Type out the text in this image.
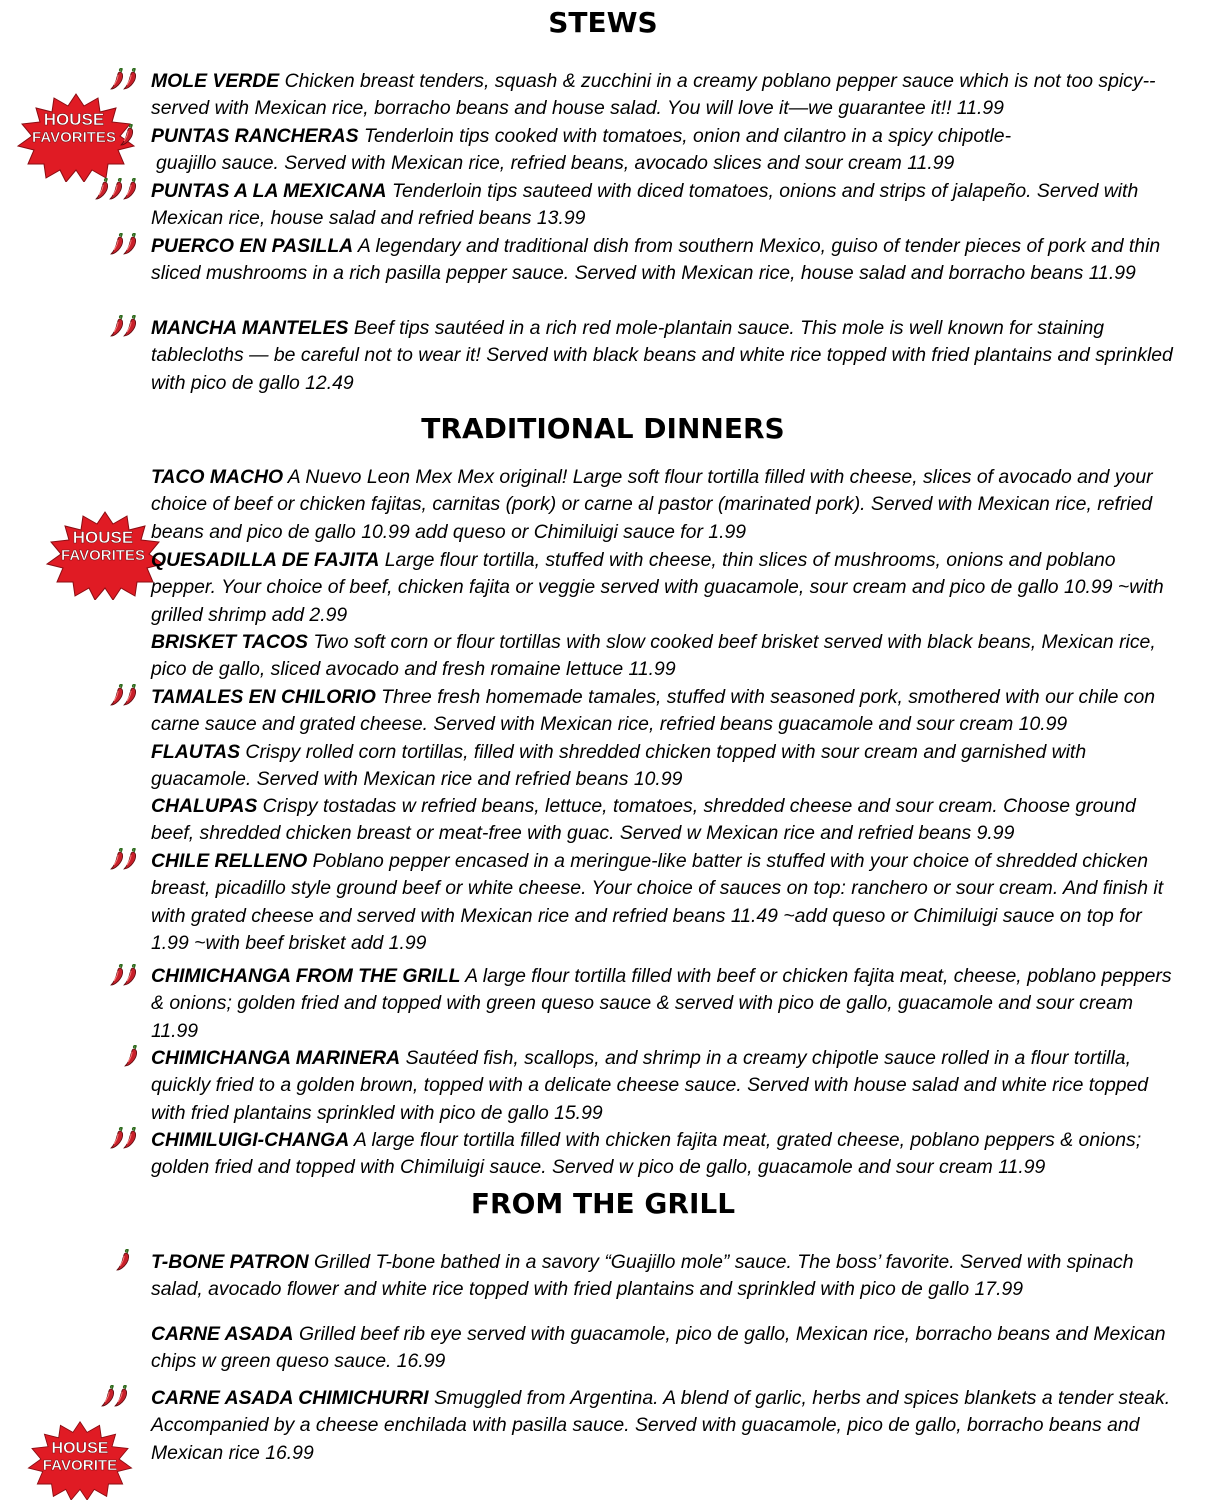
STEWS
TRADITIONAL DINNERS
FROM THE GRILL
HOUSE
FAVORITES
HOUSE
FAVORITES
HOUSE
FAVORITE
MOLE VERDE Chicken breast tenders, squash & zucchini in a creamy poblano pepper sauce which is not too spicy-- served with Mexican rice, borracho beans and house salad. You will love it—we guarantee it!! 11.99
PUNTAS RANCHERAS Tenderloin tips cooked with tomatoes, onion and cilantro in a spicy chipotle-
guajillo sauce. Served with Mexican rice, refried beans, avocado slices and sour cream 11.99
PUNTAS A LA MEXICANA Tenderloin tips sauteed with diced tomatoes, onions and strips of jalapeño. Served with Mexican rice, house salad and refried beans 13.99
PUERCO EN PASILLA A legendary and traditional dish from southern Mexico, guiso of tender pieces of pork and thin sliced mushrooms in a rich pasilla pepper sauce. Served with Mexican rice, house salad and borracho beans 11.99
MANCHA MANTELES Beef tips sautéed in a rich red mole-plantain sauce. This mole is well known for staining tablecloths — be careful not to wear it! Served with black beans and white rice topped with fried plantains and sprinkled with pico de gallo 12.49
TACO MACHO A Nuevo Leon Mex Mex original! Large soft flour tortilla filled with cheese, slices of avocado and your choice of beef or chicken fajitas, carnitas (pork) or carne al pastor (marinated pork). Served with Mexican rice, refried beans and pico de gallo 10.99 add queso or Chimiluigi sauce for 1.99
QUESADILLA DE FAJITA Large flour tortilla, stuffed with cheese, thin slices of mushrooms, onions and poblano pepper. Your choice of beef, chicken fajita or veggie served with guacamole, sour cream and pico de gallo 10.99 ~with grilled shrimp add 2.99
BRISKET TACOS Two soft corn or flour tortillas with slow cooked beef brisket served with black beans, Mexican rice, pico de gallo, sliced avocado and fresh romaine lettuce 11.99
TAMALES EN CHILORIO Three fresh homemade tamales, stuffed with seasoned pork, smothered with our chile con carne sauce and grated cheese. Served with Mexican rice, refried beans guacamole and sour cream 10.99
FLAUTAS Crispy rolled corn tortillas, filled with shredded chicken topped with sour cream and garnished with guacamole. Served with Mexican rice and refried beans 10.99
CHALUPAS Crispy tostadas w refried beans, lettuce, tomatoes, shredded cheese and sour cream. Choose ground beef, shredded chicken breast or meat-free with guac. Served w Mexican rice and refried beans 9.99
CHILE RELLENO Poblano pepper encased in a meringue-like batter is stuffed with your choice of shredded chicken breast, picadillo style ground beef or white cheese. Your choice of sauces on top: ranchero or sour cream. And finish it with grated cheese and served with Mexican rice and refried beans 11.49 ~add queso or Chimiluigi sauce on top for 1.99 ~with beef brisket add 1.99
CHIMICHANGA FROM THE GRILL A large flour tortilla filled with beef or chicken fajita meat, cheese, poblano peppers & onions; golden fried and topped with green queso sauce & served with pico de gallo, guacamole and sour cream 11.99
CHIMICHANGA MARINERA Sautéed fish, scallops, and shrimp in a creamy chipotle sauce rolled in a flour tortilla, quickly fried to a golden brown, topped with a delicate cheese sauce. Served with house salad and white rice topped with fried plantains sprinkled with pico de gallo 15.99
CHIMILUIGI-CHANGA A large flour tortilla filled with chicken fajita meat, grated cheese, poblano peppers & onions; golden fried and topped with Chimiluigi sauce. Served w pico de gallo, guacamole and sour cream 11.99
T-BONE PATRON Grilled T-bone bathed in a savory “Guajillo mole” sauce. The boss’ favorite. Served with spinach salad, avocado flower and white rice topped with fried plantains and sprinkled with pico de gallo 17.99
CARNE ASADA Grilled beef rib eye served with guacamole, pico de gallo, Mexican rice, borracho beans and Mexican chips w green queso sauce. 16.99
CARNE ASADA CHIMICHURRI Smuggled from Argentina. A blend of garlic, herbs and spices blankets a tender steak. Accompanied by a cheese enchilada with pasilla sauce. Served with guacamole, pico de gallo, borracho beans and Mexican rice 16.99
